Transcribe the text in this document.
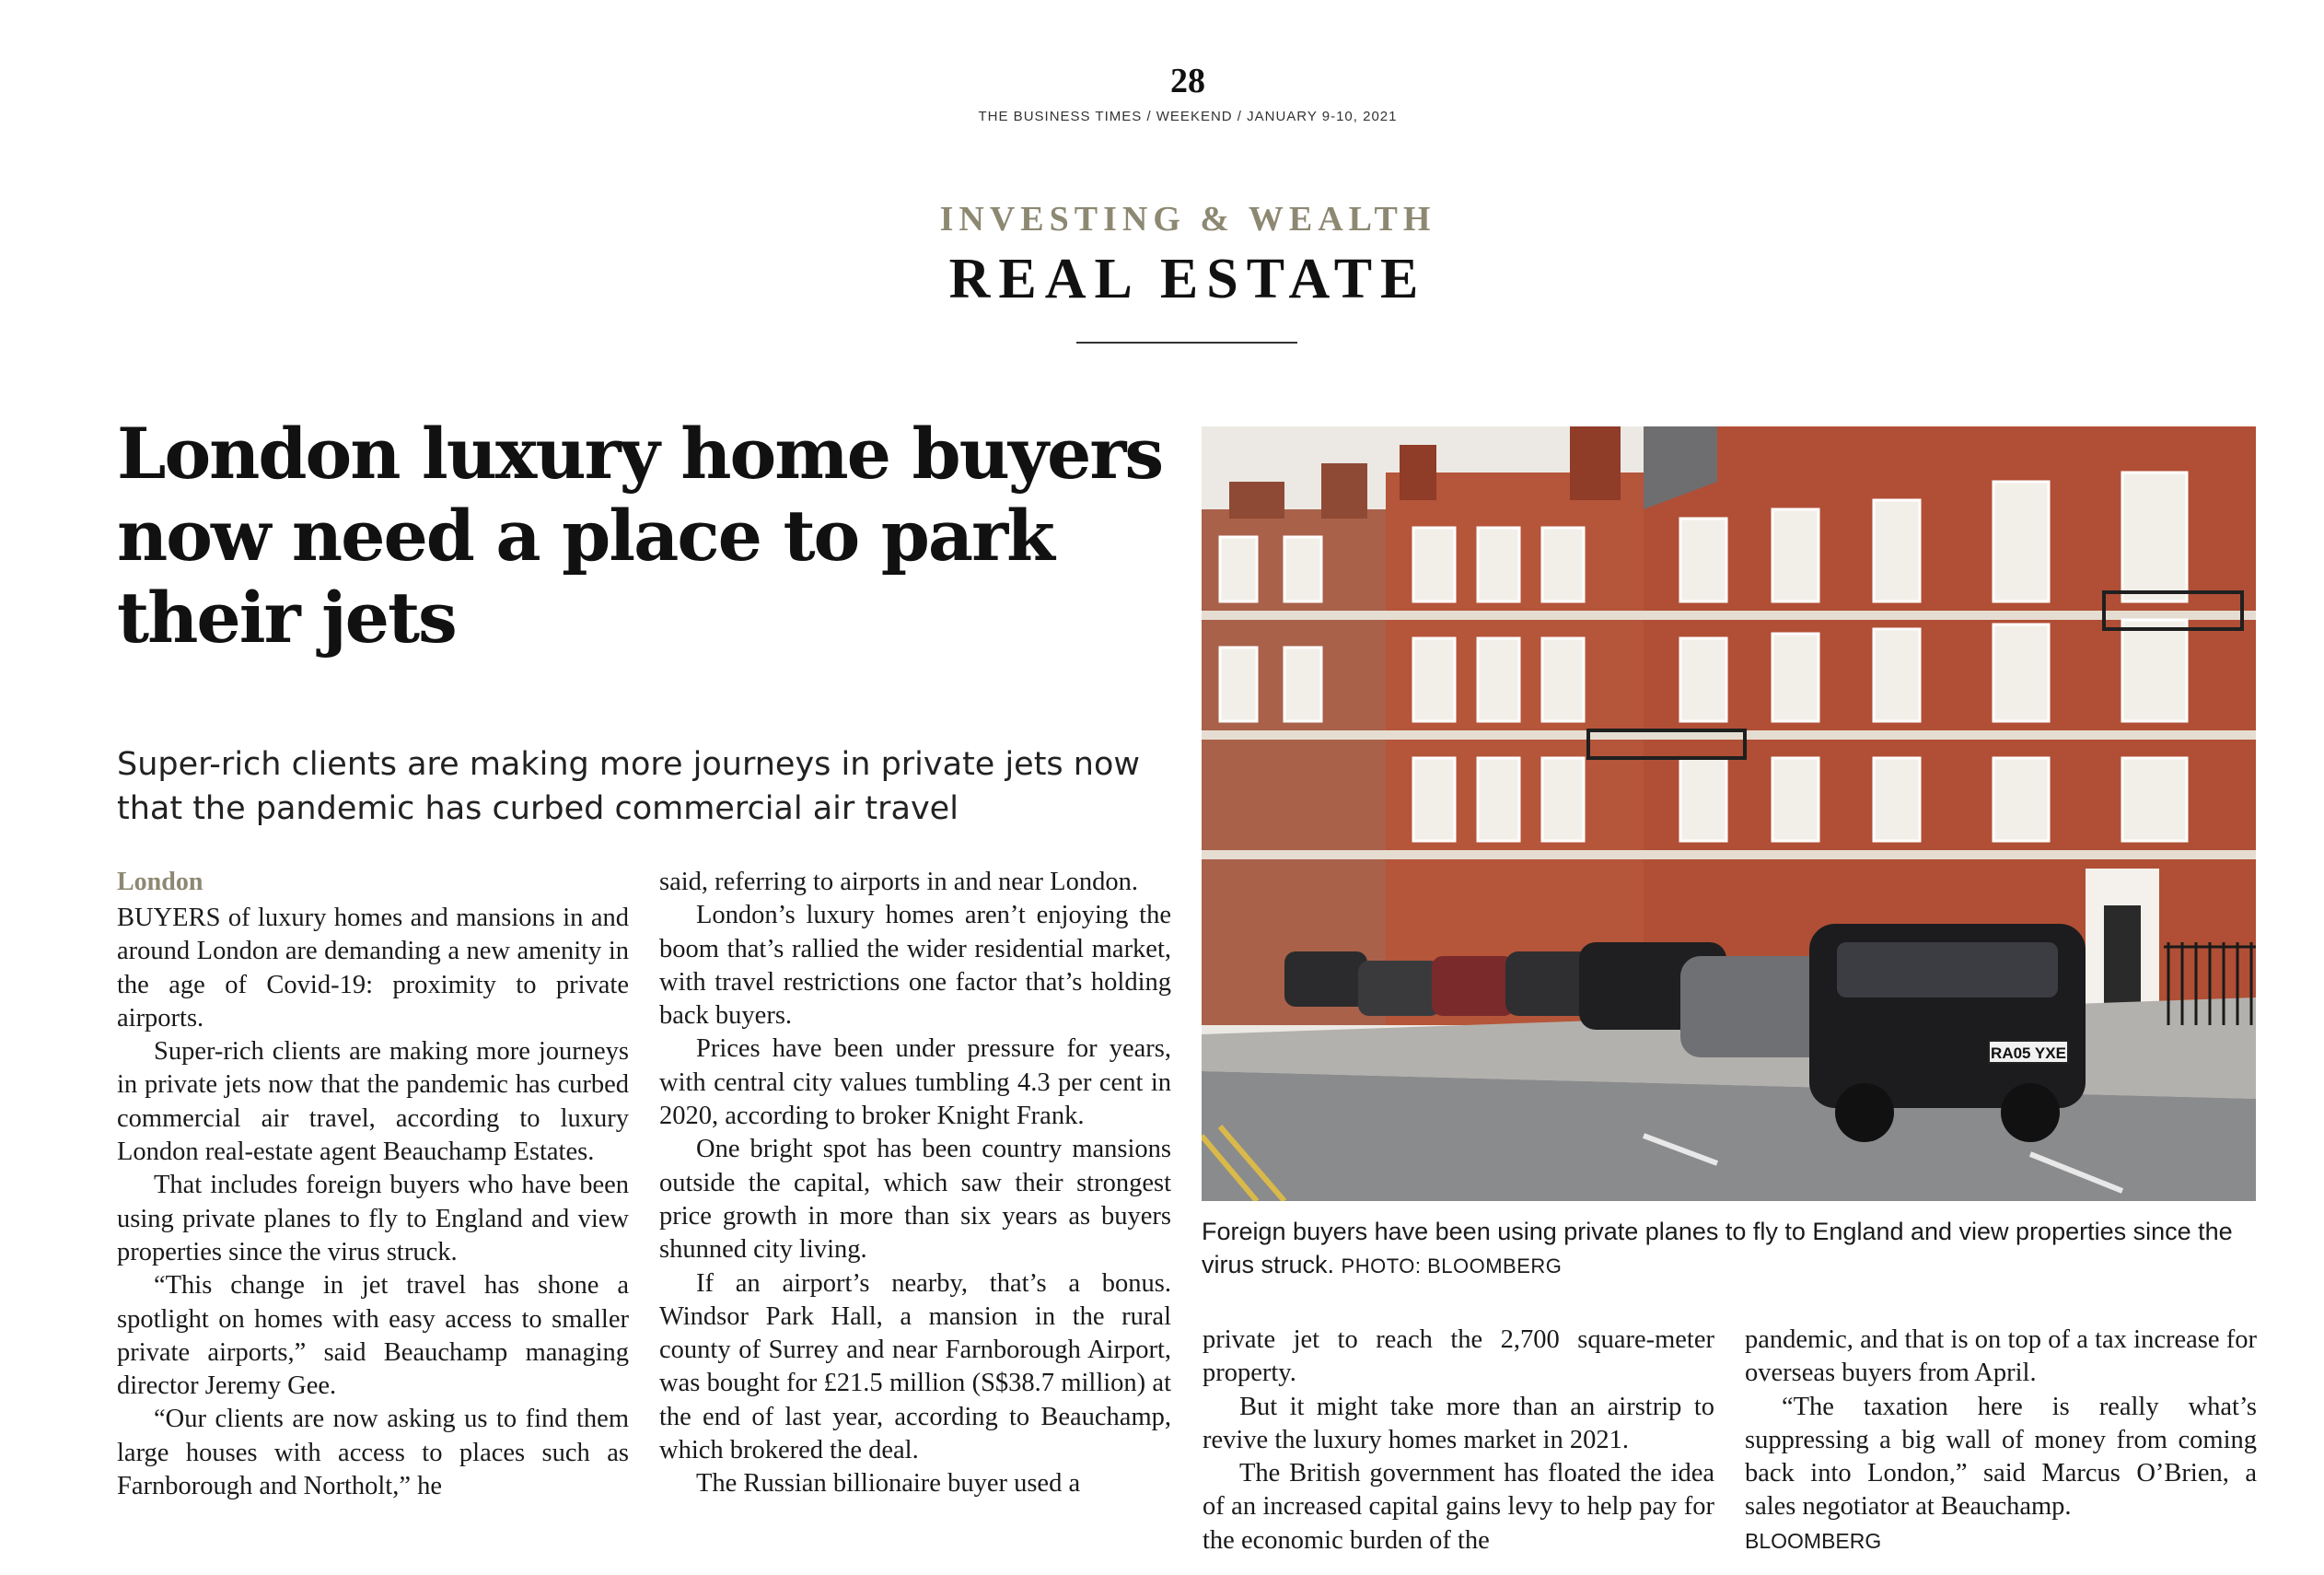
28
THE BUSINESS TIMES / WEEKEND / JANUARY 9-10, 2021
INVESTING & WEALTH
REAL ESTATE
London luxury home buyers now need a place to park their jets

Super-rich clients are making more journeys in private jets now that the pandemic has curbed commercial air travel

London

BUYERS of luxury homes and mansions in and around London are demanding a new amenity in the age of Covid-19: proximity to private airports.

Super-rich clients are making more journeys in private jets now that the pandemic has curbed commercial air travel, according to luxury London real-estate agent Beauchamp Estates.

That includes foreign buyers who have been using private planes to fly to England and view properties since the virus struck.

“This change in jet travel has shone a spotlight on homes with easy access to smaller private airports,” said Beauchamp managing director Jeremy Gee.

“Our clients are now asking us to find them large houses with access to places such as Farnborough and Northolt,” he

said, referring to airports in and near London.

London’s luxury homes aren’t enjoying the boom that’s rallied the wider residential market, with travel restrictions one factor that’s holding back buyers.

Prices have been under pressure for years, with central city values tumbling 4.3 per cent in 2020, according to broker Knight Frank.

One bright spot has been country mansions outside the capital, which saw their strongest price growth in more than six years as buyers shunned city living.

If an airport’s nearby, that’s a bonus. Windsor Park Hall, a mansion in the rural county of Surrey and near Farnborough Airport, was bought for £21.5 million (S$38.7 million) at the end of last year, according to Beauchamp, which brokered the deal.

The Russian billionaire buyer used a

RA05 YXE

Foreign buyers have been using private planes to fly to England and view properties since the virus struck. PHOTO: BLOOMBERG

private jet to reach the 2,700 square-meter property.

But it might take more than an airstrip to revive the luxury homes market in 2021.

The British government has floated the idea of an increased capital gains levy to help pay for the economic burden of the

pandemic, and that is on top of a tax increase for overseas buyers from April.

“The taxation here is really what’s suppressing a big wall of money from coming back into London,” said Marcus O’Brien, a sales negotiator at Beauchamp.

BLOOMBERG
